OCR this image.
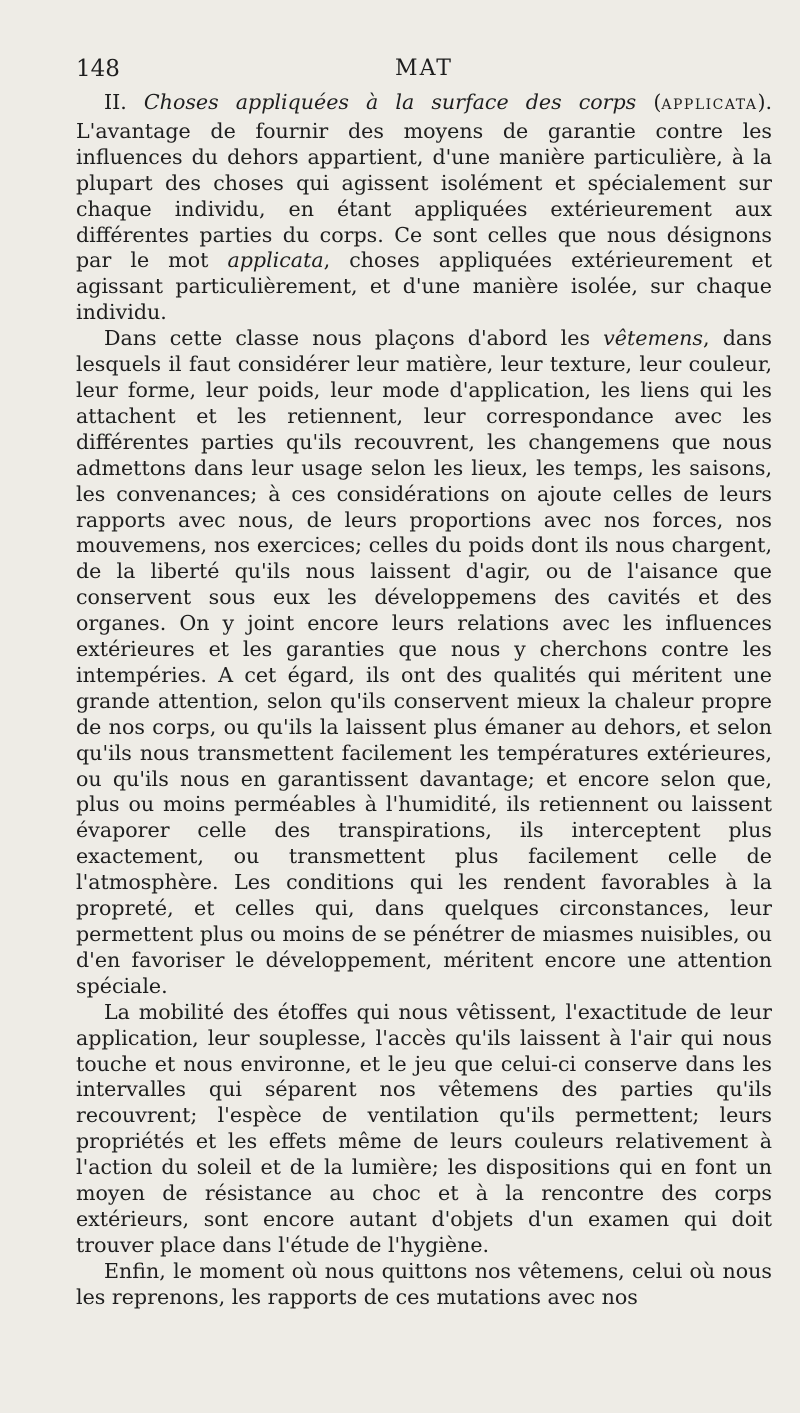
148	MAT

II. Choses appliquées à la surface des corps (APPLICATA). L'avantage de fournir des moyens de garantie contre les influences du dehors appartient, d'une manière particulière, à la plupart des choses qui agissent isolément et spécialement sur chaque individu, en étant appliquées extérieurement aux différentes parties du corps. Ce sont celles que nous désignons par le mot applicata, choses appliquées extérieurement et agissant particulièrement, et d'une manière isolée, sur chaque individu.

Dans cette classe nous plaçons d'abord les vêtemens, dans lesquels il faut considérer leur matière, leur texture, leur couleur, leur forme, leur poids, leur mode d'application, les liens qui les attachent et les retiennent, leur correspondance avec les différentes parties qu'ils recouvrent, les changemens que nous admettons dans leur usage selon les lieux, les temps, les saisons, les convenances; à ces considérations on ajoute celles de leurs rapports avec nous, de leurs proportions avec nos forces, nos mouvemens, nos exercices; celles du poids dont ils nous chargent, de la liberté qu'ils nous laissent d'agir, ou de l'aisance que conservent sous eux les développemens des cavités et des organes. On y joint encore leurs relations avec les influences extérieures et les garanties que nous y cherchons contre les intempéries. A cet égard, ils ont des qualités qui méritent une grande attention, selon qu'ils conservent mieux la chaleur propre de nos corps, ou qu'ils la laissent plus émaner au dehors, et selon qu'ils nous transmettent facilement les températures extérieures, ou qu'ils nous en garantissent davantage; et encore selon que, plus ou moins perméables à l'humidité, ils retiennent ou laissent évaporer celle des transpirations, ils interceptent plus exactement, ou transmettent plus facilement celle de l'atmosphère. Les conditions qui les rendent favorables à la propreté, et celles qui, dans quelques circonstances, leur permettent plus ou moins de se pénétrer de miasmes nuisibles, ou d'en favoriser le développement, méritent encore une attention spéciale.

La mobilité des étoffes qui nous vêtissent, l'exactitude de leur application, leur souplesse, l'accès qu'ils laissent à l'air qui nous touche et nous environne, et le jeu que celui-ci conserve dans les intervalles qui séparent nos vêtemens des parties qu'ils recouvrent; l'espèce de ventilation qu'ils permettent; leurs propriétés et les effets même de leurs couleurs relativement à l'action du soleil et de la lumière; les dispositions qui en font un moyen de résistance au choc et à la rencontre des corps extérieurs, sont encore autant d'objets d'un examen qui doit trouver place dans l'étude de l'hygiène.

Enfin, le moment où nous quittons nos vêtemens, celui où nous les reprenons, les rapports de ces mutations avec nos
